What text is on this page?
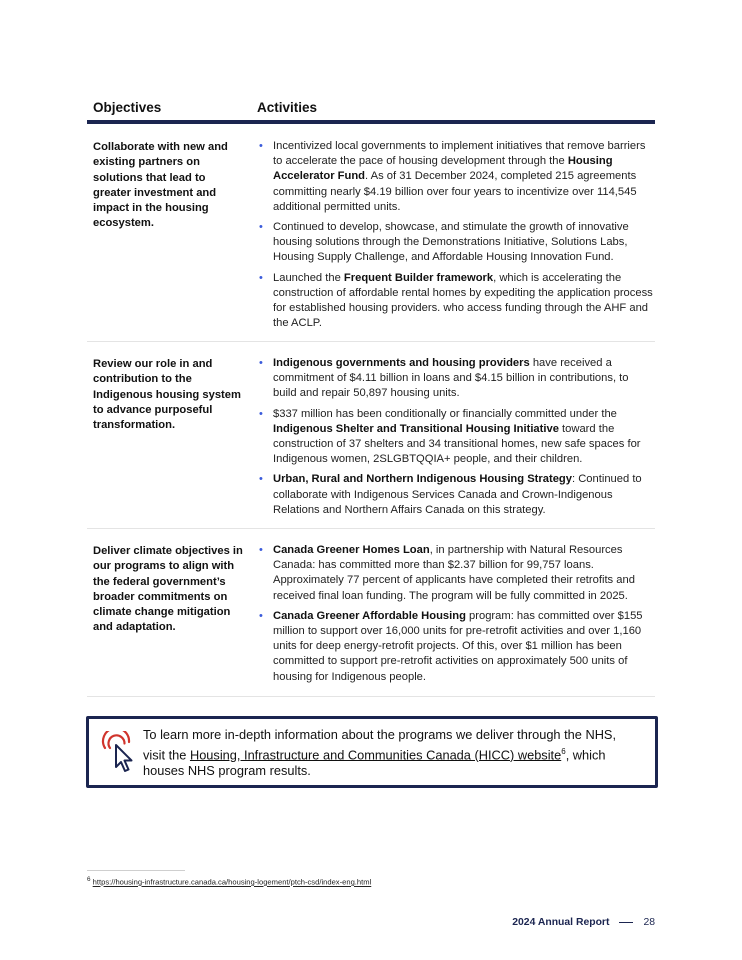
Objectives	Activities
Collaborate with new and existing partners on solutions that lead to greater investment and impact in the housing ecosystem.
• Incentivized local governments to implement initiatives that remove barriers to accelerate the pace of housing development through the Housing Accelerator Fund. As of 31 December 2024, completed 215 agreements committing nearly $4.19 billion over four years to incentivize over 114,545 additional permitted units.
• Continued to develop, showcase, and stimulate the growth of innovative housing solutions through the Demonstrations Initiative, Solutions Labs, Housing Supply Challenge, and Affordable Housing Innovation Fund.
• Launched the Frequent Builder framework, which is accelerating the construction of affordable rental homes by expediting the application process for established housing providers. who access funding through the AHF and the ACLP.
Review our role in and contribution to the Indigenous housing system to advance purposeful transformation.
• Indigenous governments and housing providers have received a commitment of $4.11 billion in loans and $4.15 billion in contributions, to build and repair 50,897 housing units.
• $337 million has been conditionally or financially committed under the Indigenous Shelter and Transitional Housing Initiative toward the construction of 37 shelters and 34 transitional homes, new safe spaces for Indigenous women, 2SLGBTQQIA+ people, and their children.
• Urban, Rural and Northern Indigenous Housing Strategy: Continued to collaborate with Indigenous Services Canada and Crown-Indigenous Relations and Northern Affairs Canada on this strategy.
Deliver climate objectives in our programs to align with the federal government’s broader commitments on climate change mitigation and adaptation.
• Canada Greener Homes Loan, in partnership with Natural Resources Canada: has committed more than $2.37 billion for 99,757 loans. Approximately 77 percent of applicants have completed their retrofits and received final loan funding. The program will be fully committed in 2025.
• Canada Greener Affordable Housing program: has committed over $155 million to support over 16,000 units for pre-retrofit activities and over 1,160 units for deep energy-retrofit projects. Of this, over $1 million has been committed to support pre-retrofit activities on approximately 500 units of housing for Indigenous people.
To learn more in-depth information about the programs we deliver through the NHS, visit the Housing, Infrastructure and Communities Canada (HICC) website$^6$, which houses NHS program results.
$^6$ https://housing-infrastructure.canada.ca/housing-logement/ptch-csd/index-eng.html
2024 Annual Report	28
